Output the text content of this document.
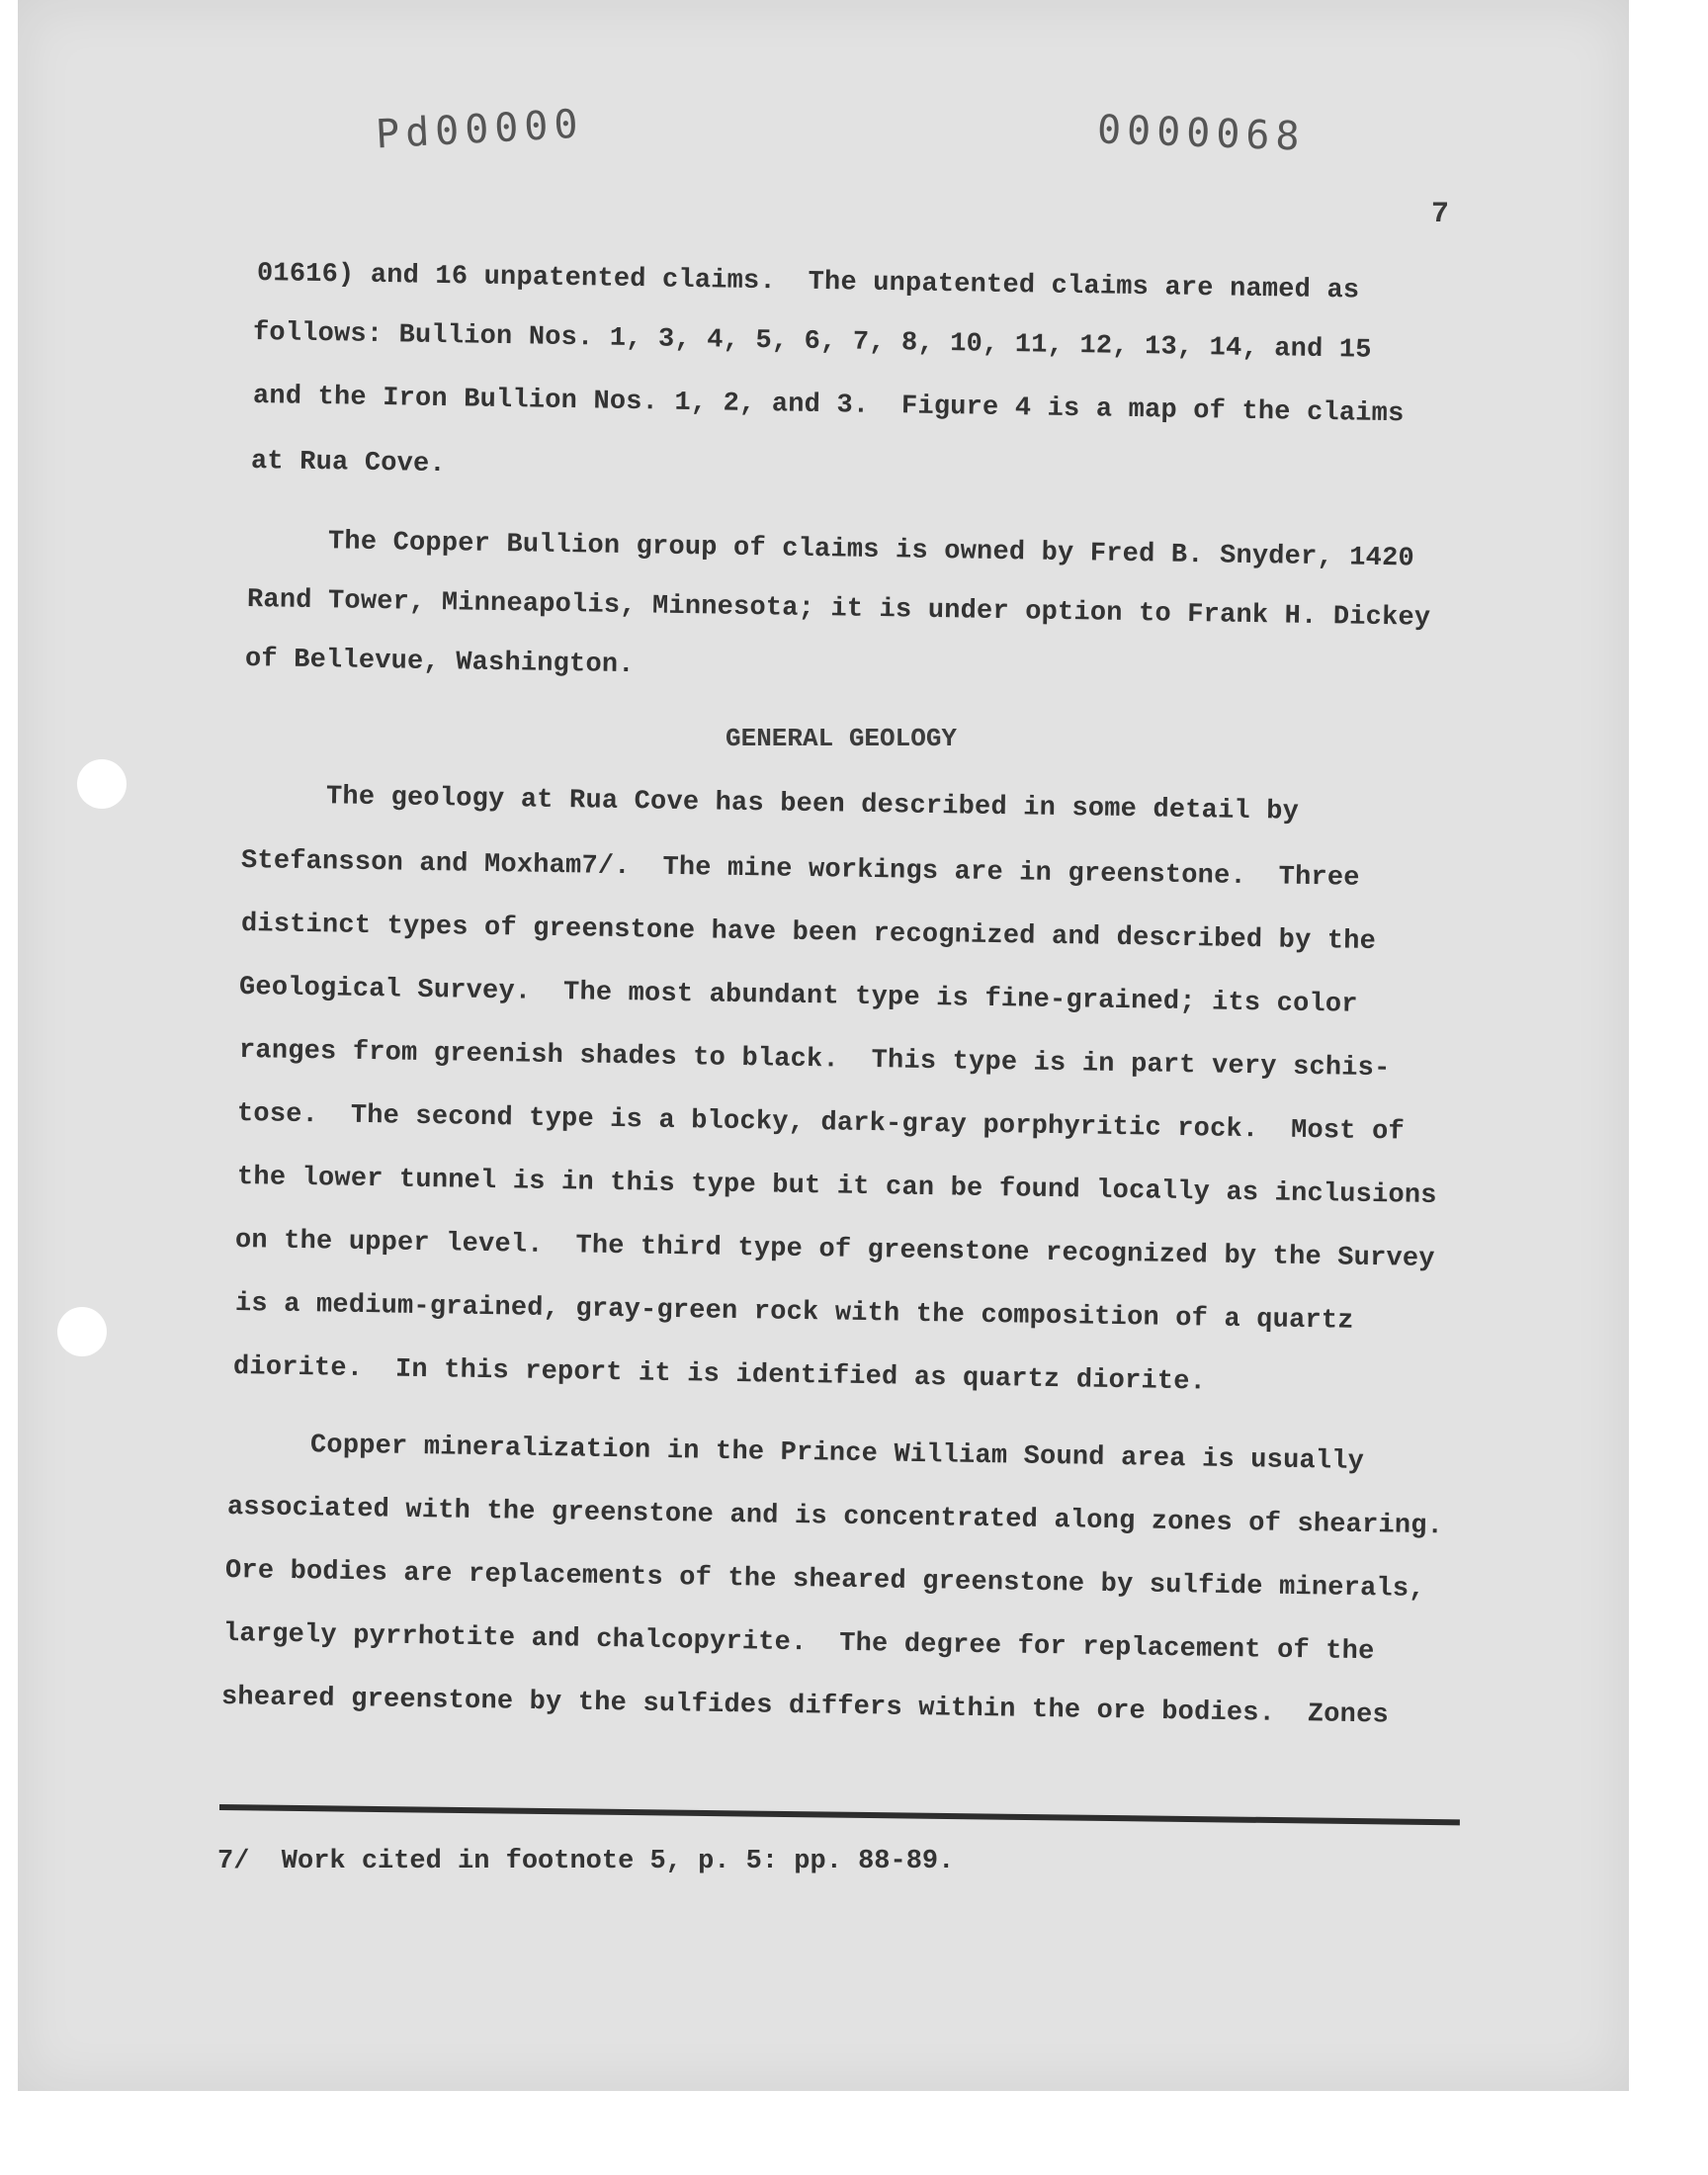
Pd00000	0000068
7
01616) and 16 unpatented claims.  The unpatented claims are named as
follows: Bullion Nos. 1, 3, 4, 5, 6, 7, 8, 10, 11, 12, 13, 14, and 15
and the Iron Bullion Nos. 1, 2, and 3.  Figure 4 is a map of the claims
at Rua Cove.
The Copper Bullion group of claims is owned by Fred B. Snyder, 1420
Rand Tower, Minneapolis, Minnesota; it is under option to Frank H. Dickey
of Bellevue, Washington.
GENERAL GEOLOGY
The geology at Rua Cove has been described in some detail by
Stefansson and Moxham7/.  The mine workings are in greenstone.  Three
distinct types of greenstone have been recognized and described by the
Geological Survey.  The most abundant type is fine-grained; its color
ranges from greenish shades to black.  This type is in part very schis-
tose.  The second type is a blocky, dark-gray porphyritic rock.  Most of
the lower tunnel is in this type but it can be found locally as inclusions
on the upper level.  The third type of greenstone recognized by the Survey
is a medium-grained, gray-green rock with the composition of a quartz
diorite.  In this report it is identified as quartz diorite.
Copper mineralization in the Prince William Sound area is usually
associated with the greenstone and is concentrated along zones of shearing.
Ore bodies are replacements of the sheared greenstone by sulfide minerals,
largely pyrrhotite and chalcopyrite.  The degree for replacement of the
sheared greenstone by the sulfides differs within the ore bodies.  Zones
7/  Work cited in footnote 5, p. 5: pp. 88-89.
